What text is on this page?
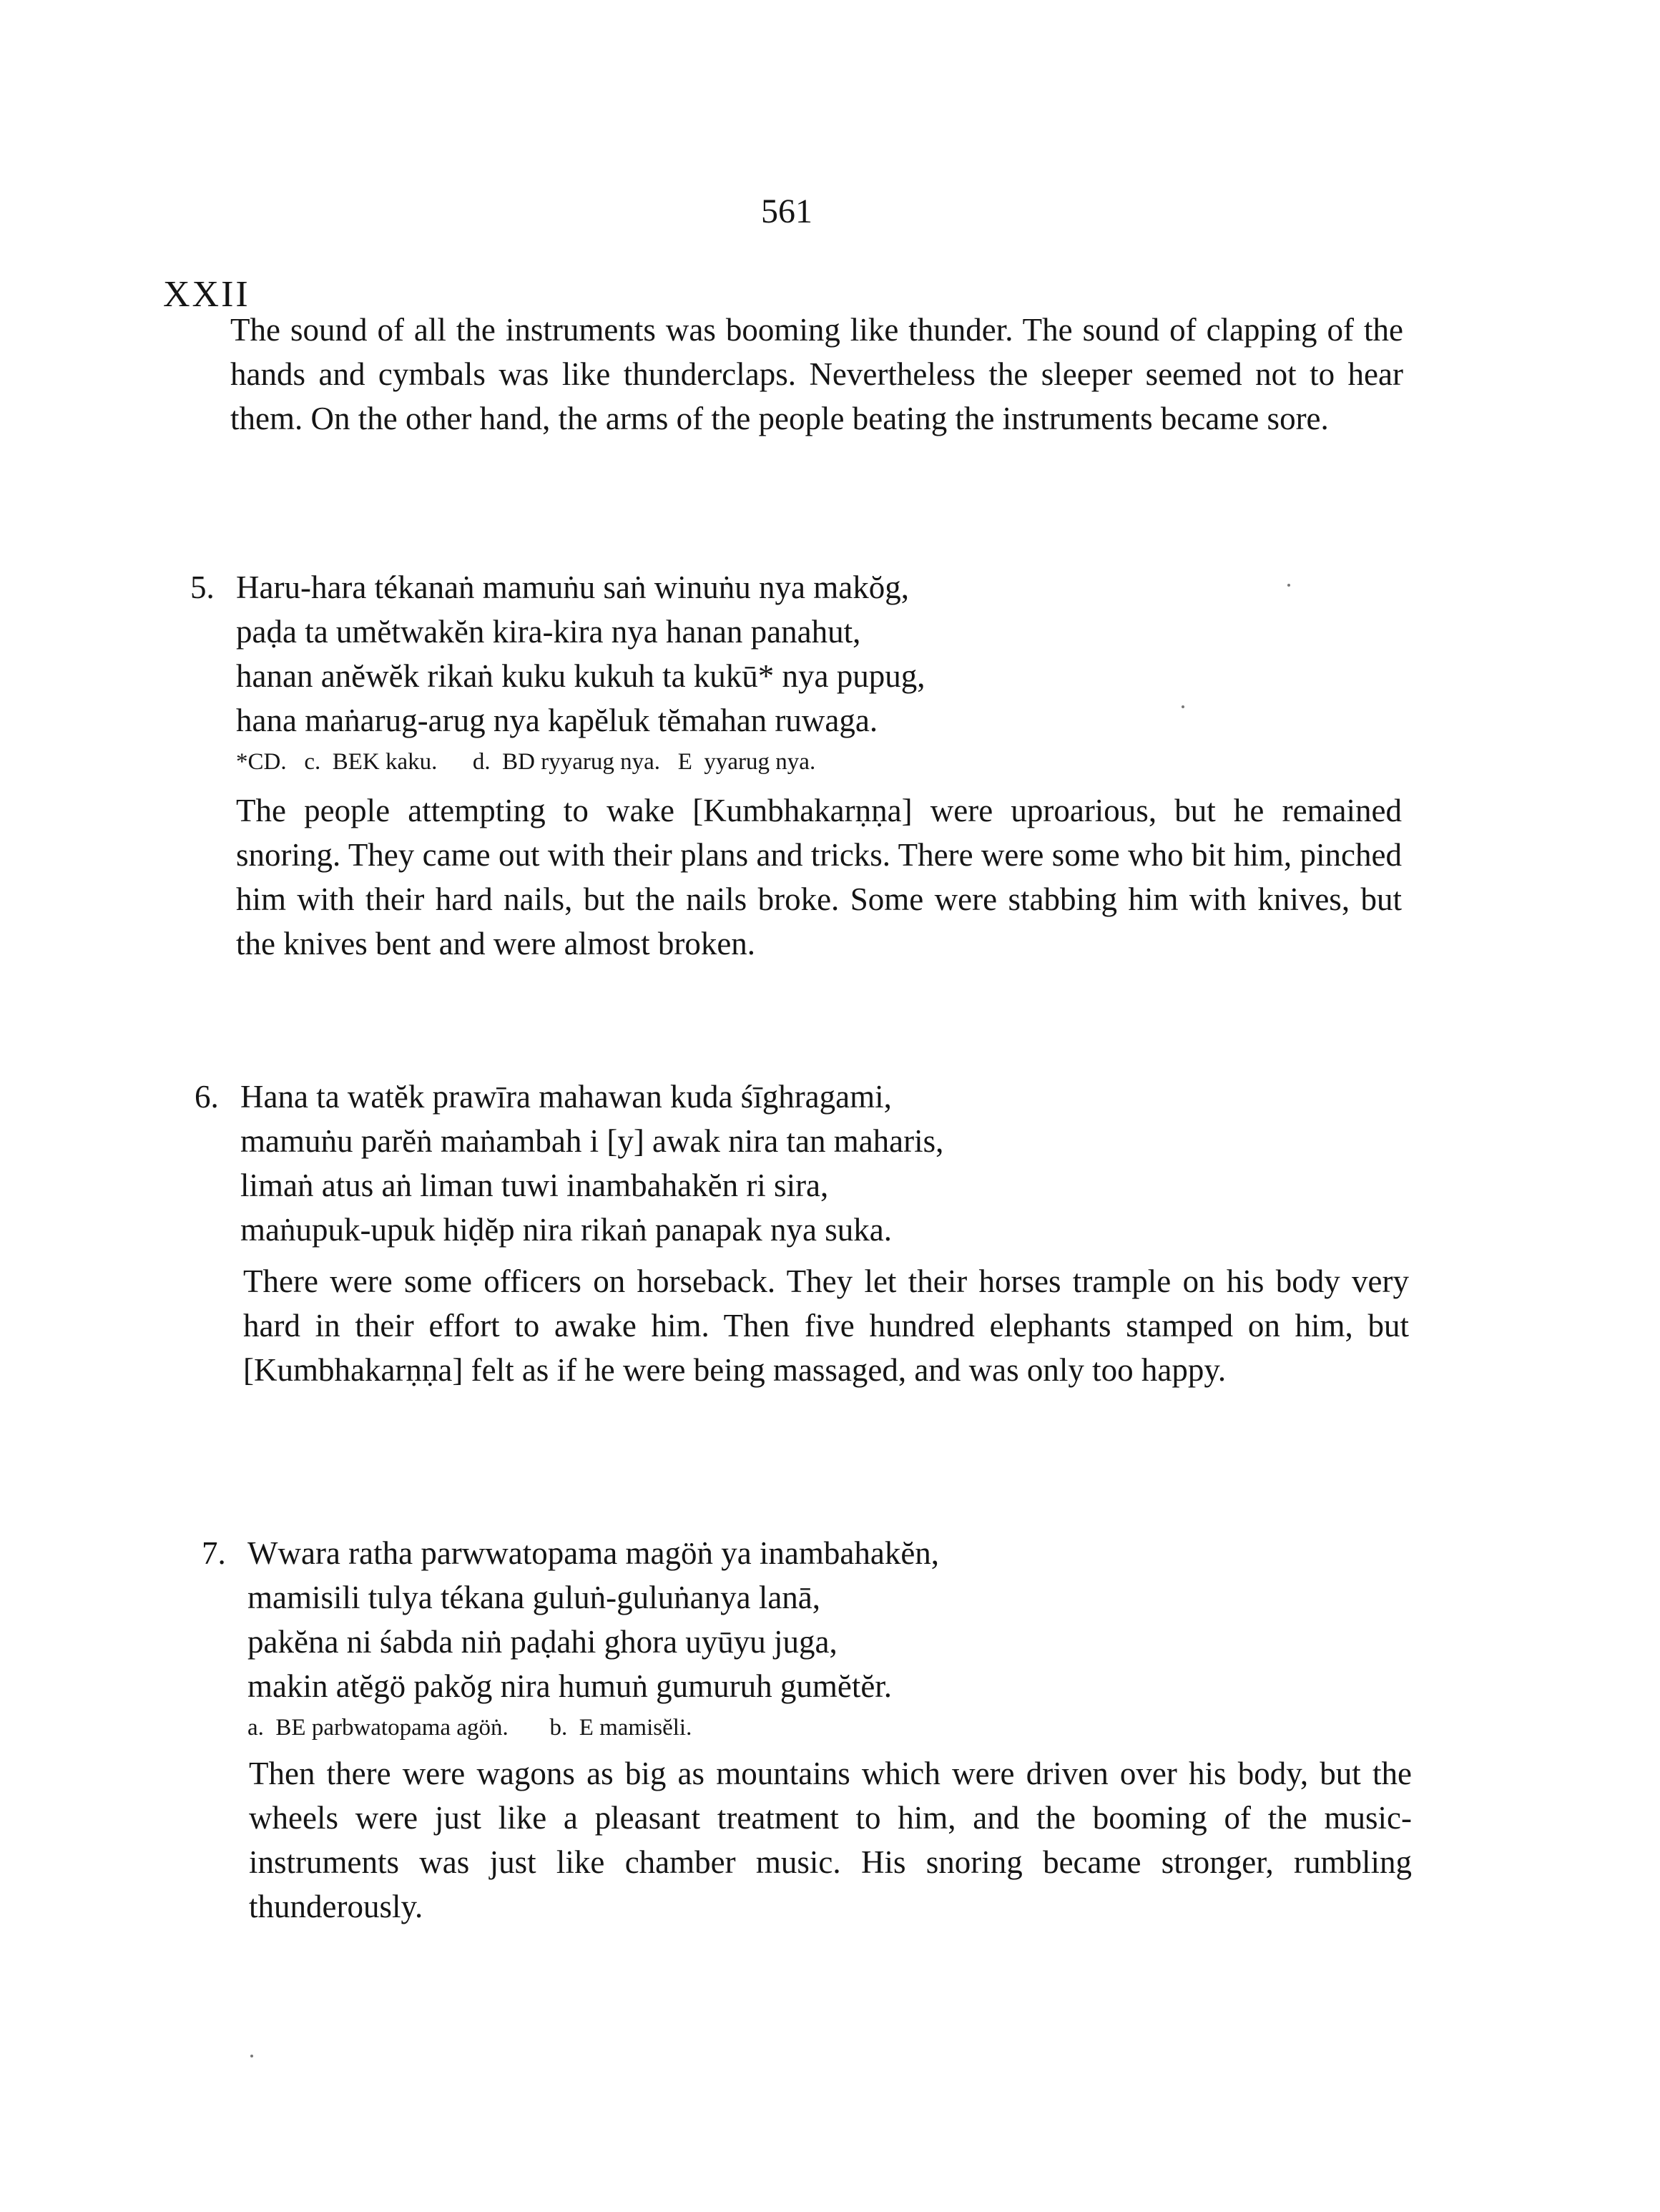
561
XXII

The sound of all the instruments was booming like thunder. The sound of clapping of the hands and cymbals was like thunderclaps. Nevertheless the sleeper seemed not to hear them. On the other hand, the arms of the people beating the instruments became sore.

5. Haru-hara tékanaṅ mamuṅu saṅ winuṅu nya makŏg,
paḍa ta umĕtwakĕn kira-kira nya hanan panahut,
hanan anĕwĕk rikaṅ kuku kukuh ta kukū* nya pupug,
hana maṅarug-arug nya kapĕluk tĕmahan ruwaga.
*CD.   c.  BEK kaku.      d.  BD ryyarug nya.   E  yyarug nya.

The people attempting to wake [Kumbhakarṇṇa] were uproarious, but he remained snoring. They came out with their plans and tricks. There were some who bit him, pinched him with their hard nails, but the nails broke. Some were stabbing him with knives, but the knives bent and were almost broken.

6. Hana ta watĕk prawīra mahawan kuda śīghragami,
mamuṅu parĕṅ maṅambah i [y] awak nira tan maharis,
limaṅ atus aṅ liman tuwi inambahakĕn ri sira,
maṅupuk-upuk hiḍĕp nira rikaṅ panapak nya suka.

There were some officers on horseback. They let their horses trample on his body very hard in their effort to awake him. Then five hundred elephants stamped on him, but [Kumbhakarṇṇa] felt as if he were being massaged, and was only too happy.

7. Wwara ratha parwwatopama magöṅ ya inambahakĕn,
mamisili tulya tékana guluṅ-guluṅanya lanā,
pakĕna ni śabda niṅ paḍahi ghora uyūyu juga,
makin atĕgö pakŏg nira humuṅ gumuruh gumĕtĕr.
a.  BE parbwatopama agöṅ.       b.  E mamisĕli.

Then there were wagons as big as mountains which were driven over his body, but the wheels were just like a pleasant treatment to him, and the booming of the music-instruments was just like chamber music. His snoring became stronger, rumbling thunderously.
